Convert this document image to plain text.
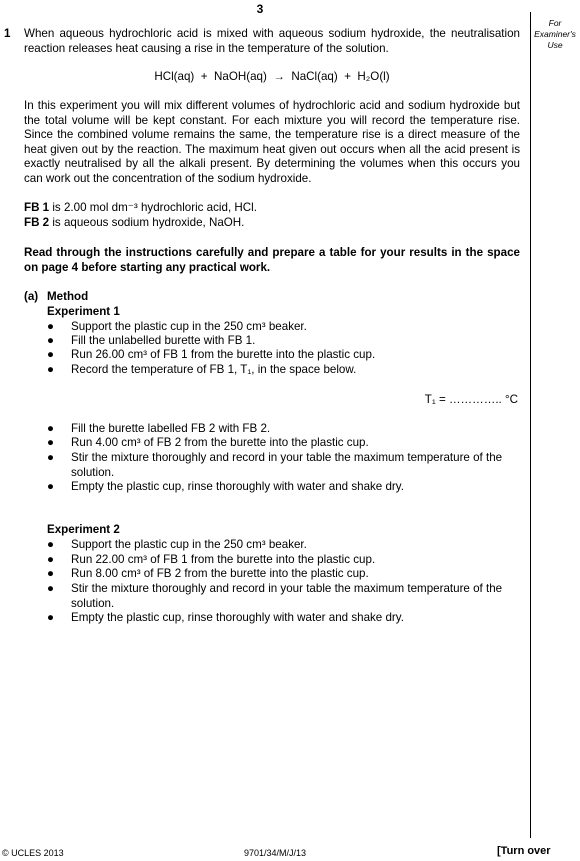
3
For Examiner's Use
1 When aqueous hydrochloric acid is mixed with aqueous sodium hydroxide, the neutralisation reaction releases heat causing a rise in the temperature of the solution.
HCl(aq) + NaOH(aq) → NaCl(aq) + H₂O(l)
In this experiment you will mix different volumes of hydrochloric acid and sodium hydroxide but the total volume will be kept constant. For each mixture you will record the temperature rise. Since the combined volume remains the same, the temperature rise is a direct measure of the heat given out by the reaction. The maximum heat given out occurs when all the acid present is exactly neutralised by all the alkali present. By determining the volumes when this occurs you can work out the concentration of the sodium hydroxide.
FB 1 is 2.00 mol dm⁻³ hydrochloric acid, HCl.
FB 2 is aqueous sodium hydroxide, NaOH.
Read through the instructions carefully and prepare a table for your results in the space on page 4 before starting any practical work.
(a) Method
Experiment 1
● Support the plastic cup in the 250 cm³ beaker.
● Fill the unlabelled burette with FB 1.
● Run 26.00 cm³ of FB 1 from the burette into the plastic cup.
● Record the temperature of FB 1, T₁, in the space below.
T₁ = ………….. °C
● Fill the burette labelled FB 2 with FB 2.
● Run 4.00 cm³ of FB 2 from the burette into the plastic cup.
● Stir the mixture thoroughly and record in your table the maximum temperature of the solution.
● Empty the plastic cup, rinse thoroughly with water and shake dry.
Experiment 2
● Support the plastic cup in the 250 cm³ beaker.
● Run 22.00 cm³ of FB 1 from the burette into the plastic cup.
● Run 8.00 cm³ of FB 2 from the burette into the plastic cup.
● Stir the mixture thoroughly and record in your table the maximum temperature of the solution.
● Empty the plastic cup, rinse thoroughly with water and shake dry.
© UCLES 2013	9701/34/M/J/13	[Turn over
